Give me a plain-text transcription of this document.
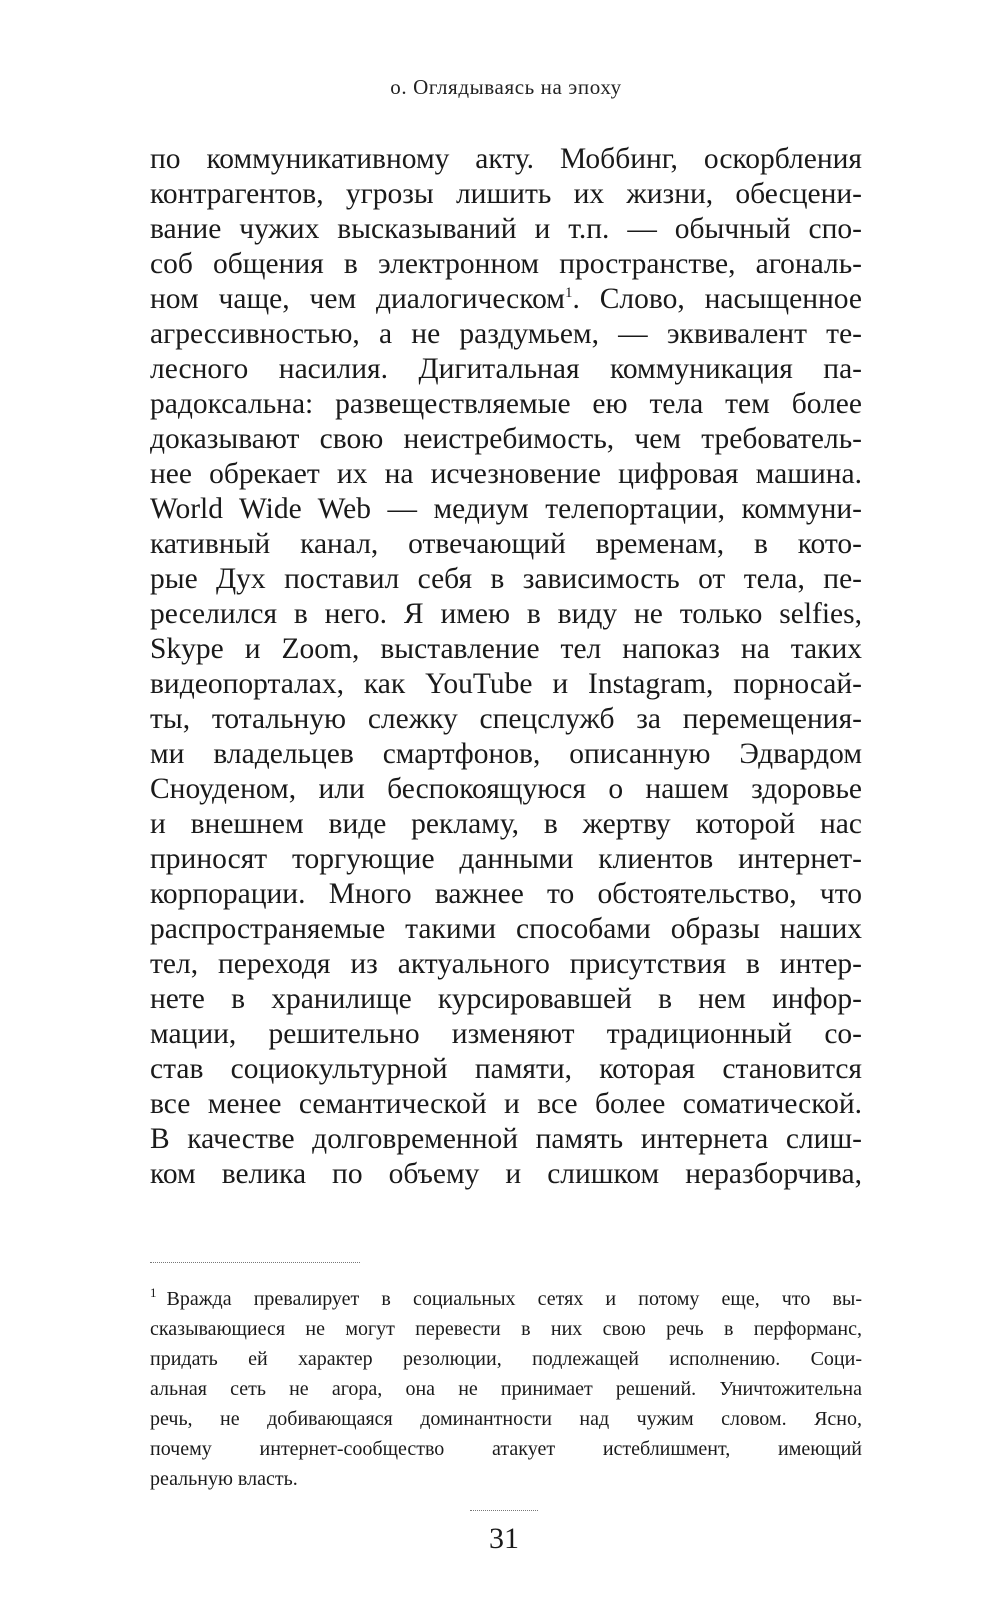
о. Оглядываясь на эпоху
по коммуникативному акту. Моббинг, оскорбления
контрагентов, угрозы лишить их жизни, обесцени-
вание чужих высказываний и т.п. — обычный спо-
соб общения в электронном пространстве, агональ-
ном чаще, чем диалогическом$^1$. Слово, насыщенное
агрессивностью, а не раздумьем, — эквивалент те-
лесного насилия. Дигитальная коммуникация па-
радоксальна: развеществляемые ею тела тем более
доказывают свою неистребимость, чем требователь-
нее обрекает их на исчезновение цифровая машина.
World Wide Web — медиум телепортации, коммуни-
кативный канал, отвечающий временам, в кото-
рые Дух поставил себя в зависимость от тела, пе-
реселился в него. Я имею в виду не только selfies,
Skype и Zoom, выставление тел напоказ на таких
видеопорталах, как YouTube и Instagram, порносай-
ты, тотальную слежку спецслужб за перемещения-
ми владельцев смартфонов, описанную Эдвардом
Сноуденом, или беспокоящуюся о нашем здоровье
и внешнем виде рекламу, в жертву которой нас
приносят торгующие данными клиентов интернет-
корпорации. Много важнее то обстоятельство, что
распространяемые такими способами образы наших
тел, переходя из актуального присутствия в интер-
нете в хранилище курсировавшей в нем инфор-
мации, решительно изменяют традиционный со-
став социокультурной памяти, которая становится
все менее семантической и все более соматической.
В качестве долговременной память интернета слиш-
ком велика по объему и слишком неразборчива,
$^1$ Вражда превалирует в социальных сетях и потому еще, что вы-
сказывающиеся не могут перевести в них свою речь в перформанс,
придать ей характер резолюции, подлежащей исполнению. Соци-
альная сеть не агора, она не принимает решений. Уничтожительна
речь, не добивающаяся доминантности над чужим словом. Ясно,
почему интернет-сообщество атакует истеблишмент, имеющий
реальную власть.
31
